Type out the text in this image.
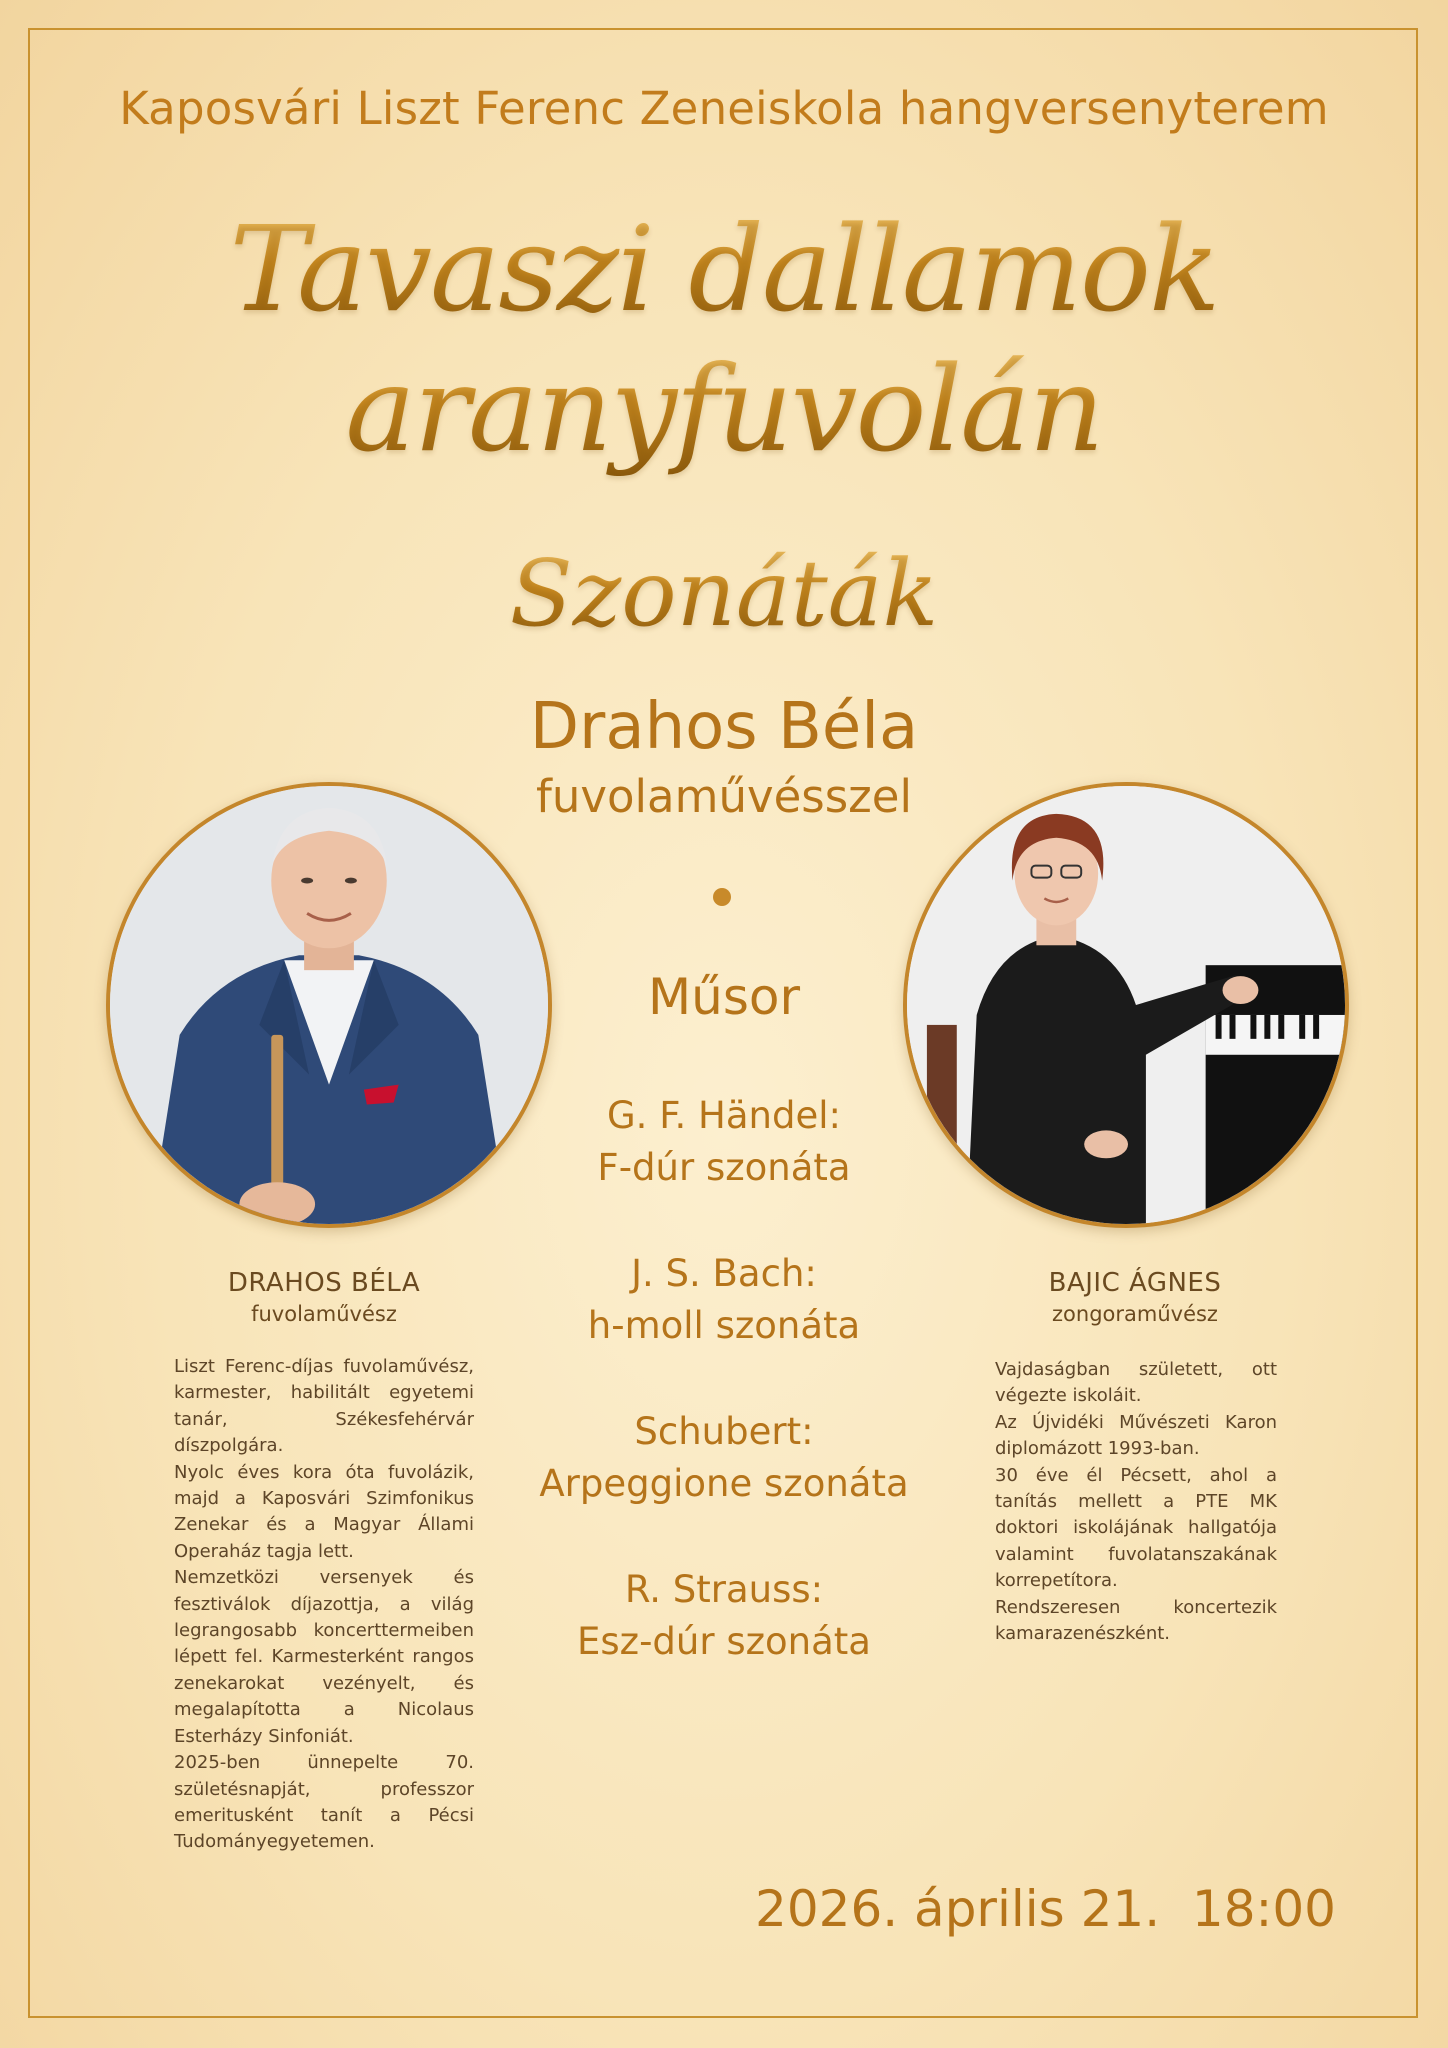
Kaposvári Liszt Ferenc Zeneiskola hangversenyterem
Tavaszi dallamok
aranyfuvolán
Szonáták
Drahos Béla
fuvolaművésszel
Műsor
G. F. Händel:
F-dúr szonáta
J. S. Bach:
h-moll szonáta
Schubert:
Arpeggione szonáta
R. Strauss:
Esz-dúr szonáta
DRAHOS BÉLA
fuvolaművész

Liszt Ferenc-díjas fuvolaművész, karmester, habilitált egyetemi tanár, Székesfehérvár díszpolgára.

Nyolc éves kora óta fuvolázik, majd a Kaposvári Szimfonikus Zenekar és a Magyar Állami Operaház tagja lett.

Nemzetközi versenyek és fesztiválok díjazottja, a világ legrangosabb koncerttermeiben lépett fel. Karmesterként rangos zenekarokat vezényelt, és megalapította a Nicolaus Esterházy Sinfoniát.

2025-ben ünnepelte 70. születésnapját, professzor emeritusként tanít a Pécsi Tudományegyetemen.

BAJIC ÁGNES
zongoraművész

Vajdaságban született, ott végezte iskoláit.

Az Újvidéki Művészeti Karon diplomázott 1993-ban.

30 éve él Pécsett, ahol a tanítás mellett a PTE MK doktori iskolájának hallgatója valamint fuvolatanszakának korrepetítora.

Rendszeresen koncertezik kamarazenészként.

2026. április 21.  18:00
